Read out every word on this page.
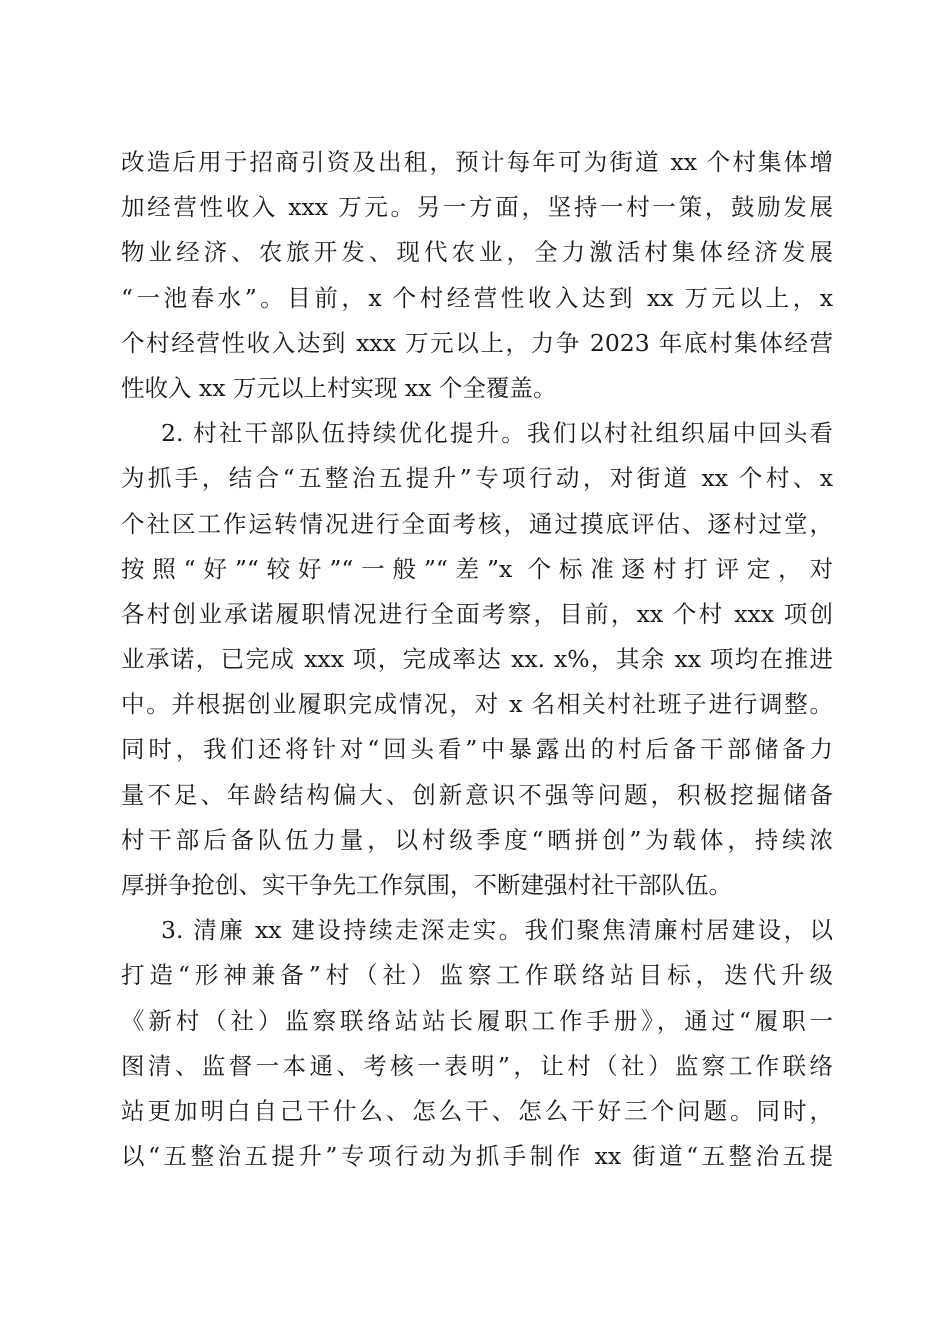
改造后用于招商引资及出租，预计每年可为街道 xx 个村集体增
加经营性收入 xxx 万元。另一方面，坚持一村一策，鼓励发展
物业经济、农旅开发、现代农业，全力激活村集体经济发展
“一池春水”。目前，x 个村经营性收入达到 xx 万元以上，x
个村经营性收入达到 xxx 万元以上，力争 2023 年底村集体经营
性收入 xx 万元以上村实现 xx 个全覆盖。
2. 村社干部队伍持续优化提升。我们以村社组织届中回头看
为抓手，结合“五整治五提升”专项行动，对街道 xx 个村、x
个社区工作运转情况进行全面考核，通过摸底评估、逐村过堂，
按照“好”“较好”“一般”“差”x 个标准逐村打评定，对
各村创业承诺履职情况进行全面考察，目前，xx 个村 xxx 项创
业承诺，已完成 xxx 项，完成率达 xx. x%，其余 xx 项均在推进
中。并根据创业履职完成情况，对 x 名相关村社班子进行调整。
同时，我们还将针对“回头看”中暴露出的村后备干部储备力
量不足、年龄结构偏大、创新意识不强等问题，积极挖掘储备
村干部后备队伍力量，以村级季度“晒拼创”为载体，持续浓
厚拼争抢创、实干争先工作氛围，不断建强村社干部队伍。
3. 清廉 xx 建设持续走深走实。我们聚焦清廉村居建设，以
打造“形神兼备”村（社）监察工作联络站目标，迭代升级
《新村（社）监察联络站站长履职工作手册》，通过“履职一
图清、监督一本通、考核一表明”，让村（社）监察工作联络
站更加明白自己干什么、怎么干、怎么干好三个问题。同时，
以“五整治五提升”专项行动为抓手制作 xx 街道“五整治五提
